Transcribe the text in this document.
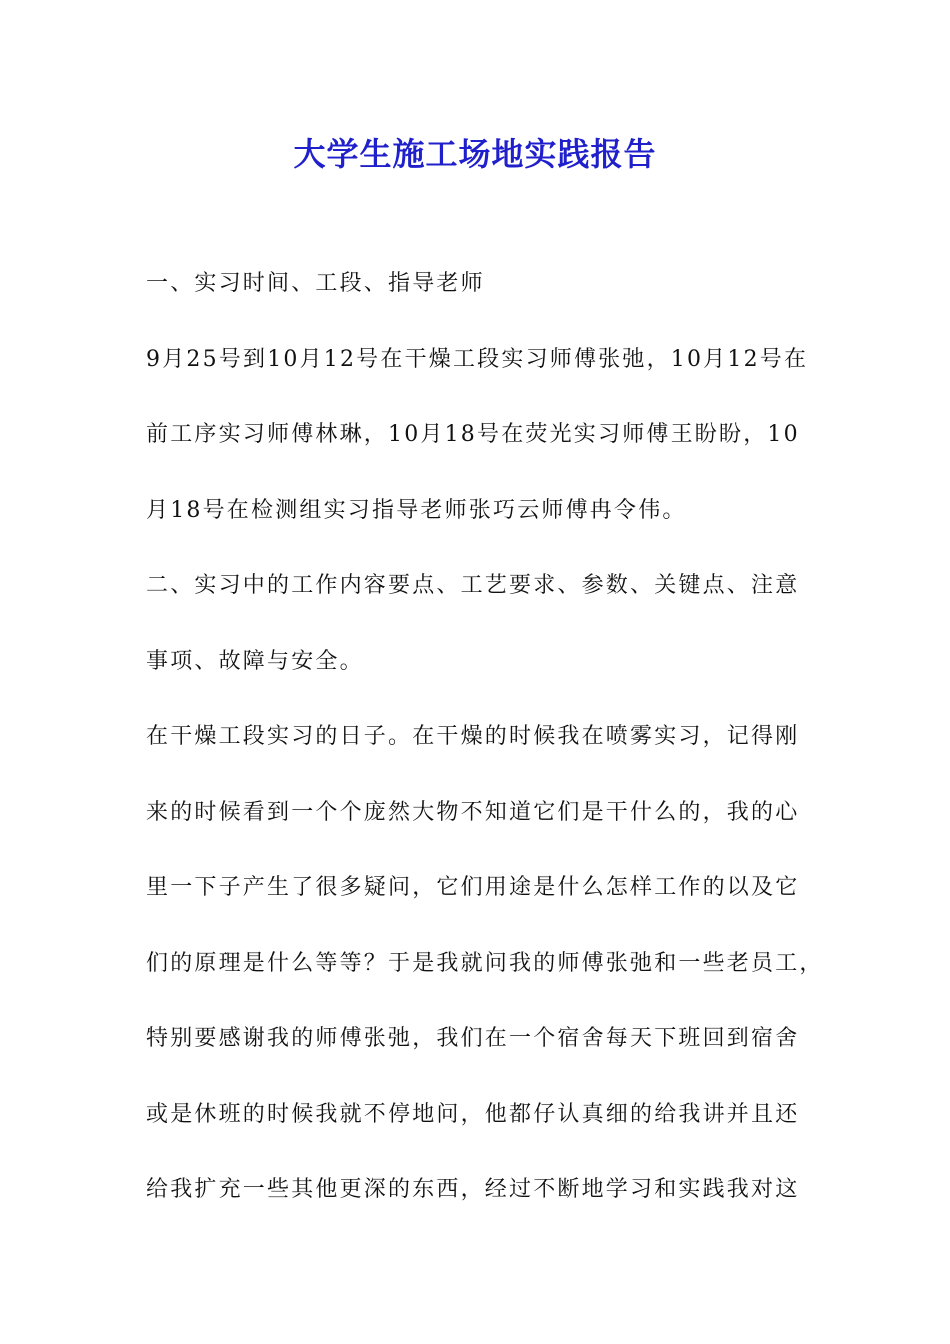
大学生施工场地实践报告
一、实习时间、工段、指导老师
9月25号到10月12号在干燥工段实习师傅张弛，10月12号在
前工序实习师傅林琳，10月18号在荧光实习师傅王盼盼，10
月18号在检测组实习指导老师张巧云师傅冉令伟。
二、实习中的工作内容要点、工艺要求、参数、关键点、注意
事项、故障与安全。
在干燥工段实习的日子。在干燥的时候我在喷雾实习，记得刚
来的时候看到一个个庞然大物不知道它们是干什么的，我的心
里一下子产生了很多疑问，它们用途是什么怎样工作的以及它
们的原理是什么等等？于是我就问我的师傅张弛和一些老员工，
特别要感谢我的师傅张弛，我们在一个宿舍每天下班回到宿舍
或是休班的时候我就不停地问，他都仔认真细的给我讲并且还
给我扩充一些其他更深的东西，经过不断地学习和实践我对这
